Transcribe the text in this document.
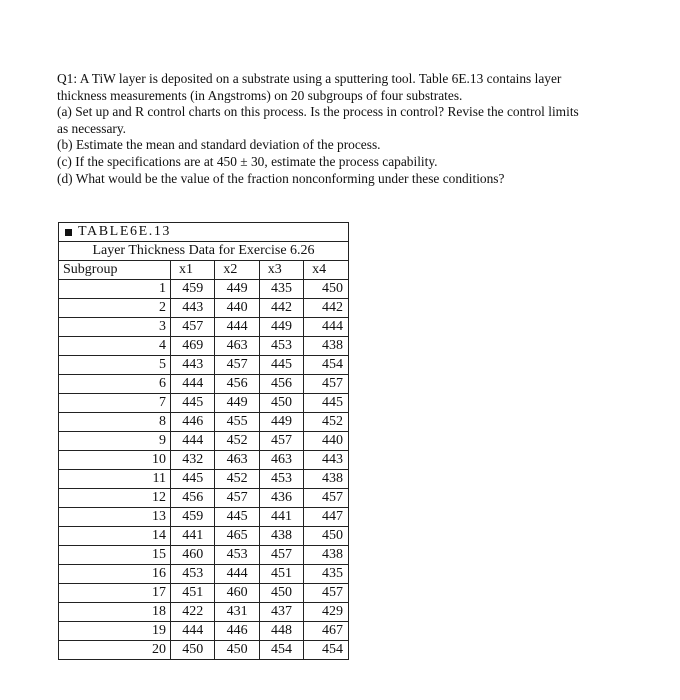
Q1: A TiW layer is deposited on a substrate using a sputtering tool. Table 6E.13 contains layer

thickness measurements (in Angstroms) on 20 subgroups of four substrates.

(a) Set up and R control charts on this process. Is the process in control? Revise the control limits

as necessary.

(b) Estimate the mean and standard deviation of the process.

(c) If the specifications are at 450 ± 30, estimate the process capability.

(d) What would be the value of the fraction nonconforming under these conditions?

TABLE6E.13
Layer Thickness Data for Exercise 6.26
Subgroup	x1	x2	x3	x4
1	459	449	435	450
2	443	440	442	442
3	457	444	449	444
4	469	463	453	438
5	443	457	445	454
6	444	456	456	457
7	445	449	450	445
8	446	455	449	452
9	444	452	457	440
10	432	463	463	443
11	445	452	453	438
12	456	457	436	457
13	459	445	441	447
14	441	465	438	450
15	460	453	457	438
16	453	444	451	435
17	451	460	450	457
18	422	431	437	429
19	444	446	448	467
20	450	450	454	454
